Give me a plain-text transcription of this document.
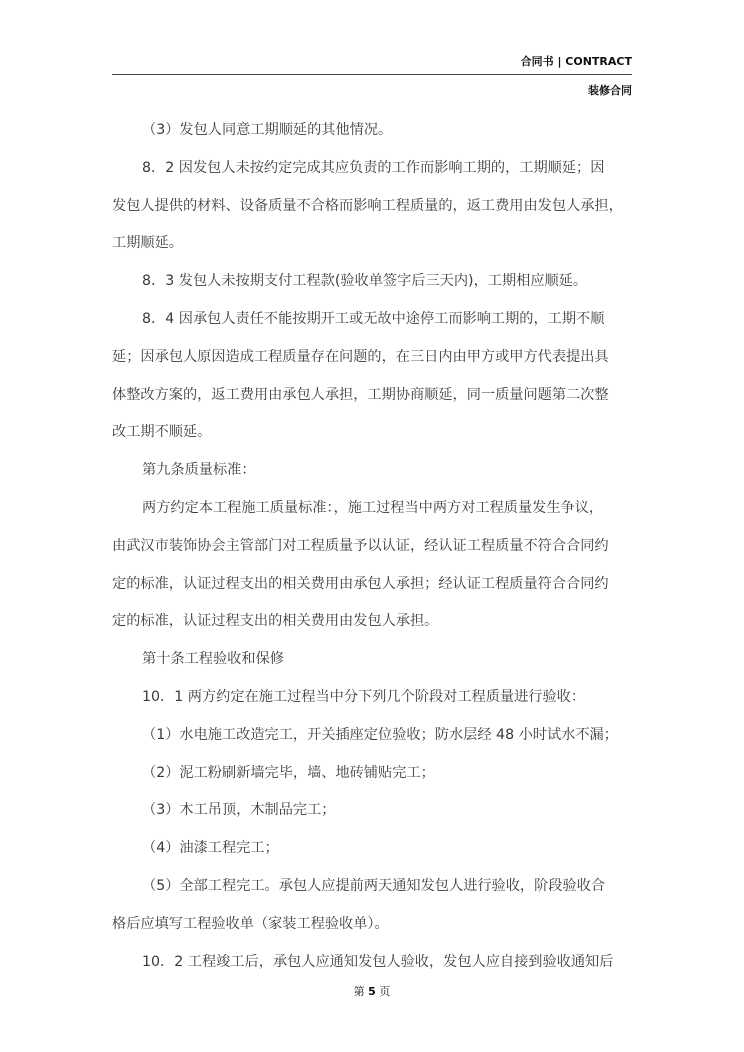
合同书 | CONTRACT
装修合同
（3）发包人同意工期顺延的其他情况。
8．2 因发包人未按约定完成其应负责的工作而影响工期的，工期顺延；因
发包人提供的材料、设备质量不合格而影响工程质量的，返工费用由发包人承担，
工期顺延。
8．3 发包人未按期支付工程款(验收单签字后三天内)，工期相应顺延。
8．4 因承包人责任不能按期开工或无故中途停工而影响工期的，工期不顺
延；因承包人原因造成工程质量存在问题的，在三日内由甲方或甲方代表提出具
体整改方案的，返工费用由承包人承担，工期协商顺延，同一质量问题第二次整
改工期不顺延。
第九条质量标准：
两方约定本工程施工质量标准：，施工过程当中两方对工程质量发生争议，
由武汉市装饰协会主管部门对工程质量予以认证，经认证工程质量不符合合同约
定的标准，认证过程支出的相关费用由承包人承担；经认证工程质量符合合同约
定的标准，认证过程支出的相关费用由发包人承担。
第十条工程验收和保修
10．1 两方约定在施工过程当中分下列几个阶段对工程质量进行验收：
（1）水电施工改造完工，开关插座定位验收；防水层经 48 小时试水不漏；
（2）泥工粉刷新墙完毕，墙、地砖铺贴完工；
（3）木工吊顶，木制品完工；
（4）油漆工程完工；
（5）全部工程完工。承包人应提前两天通知发包人进行验收，阶段验收合
格后应填写工程验收单（家装工程验收单）。
10．2 工程竣工后，承包人应通知发包人验收，发包人应自接到验收通知后
第 5 页
